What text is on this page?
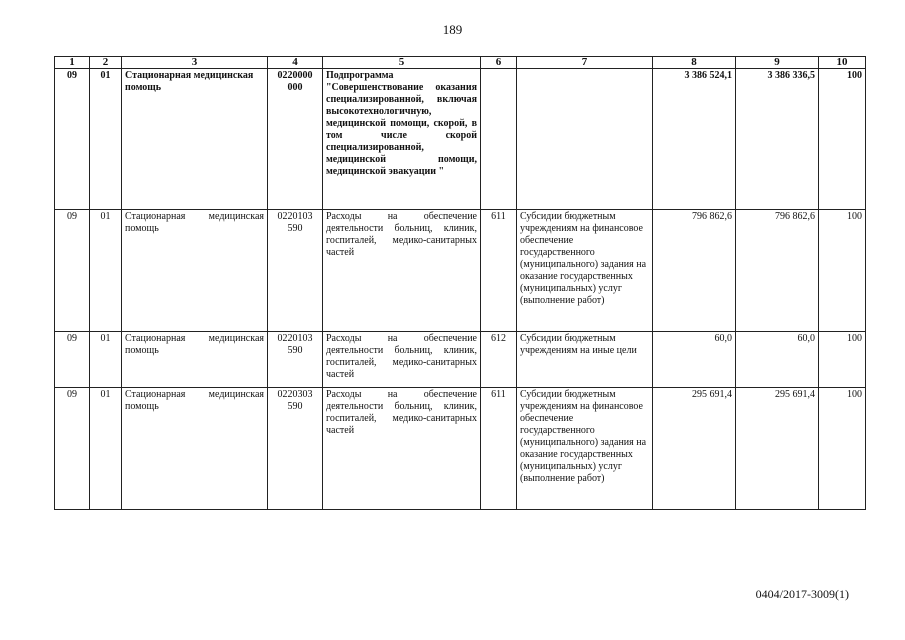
189
1	2	3	4	5	6	7	8	9	10
09	01	Стационарная медицинская помощь	0220000 000	Подпрограмма "Совершенствование оказания специализированной, включая высокотехнологичную, медицинской помощи, скорой, в том числе скорой специализированной, медицинской помощи, медицинской эвакуации "			3 386 524,1	3 386 336,5	100
09	01	Стационарная медицинская помощь	0220103 590	Расходы на обеспечение деятельности больниц, клиник, госпиталей, медико-санитарных частей	611	Субсидии бюджетным учреждениям на финансовое обеспечение государственного (муниципального) задания на оказание государственных (муниципальных) услуг (выполнение работ)	796 862,6	796 862,6	100
09	01	Стационарная медицинская помощь	0220103 590	Расходы на обеспечение деятельности больниц, клиник, госпиталей, медико-санитарных частей	612	Субсидии бюджетным учреждениям на иные цели	60,0	60,0	100
09	01	Стационарная медицинская помощь	0220303 590	Расходы на обеспечение деятельности больниц, клиник, госпиталей, медико-санитарных частей	611	Субсидии бюджетным учреждениям на финансовое обеспечение государственного (муниципального) задания на оказание государственных (муниципальных) услуг (выполнение работ)	295 691,4	295 691,4	100
0404/2017-3009(1)
